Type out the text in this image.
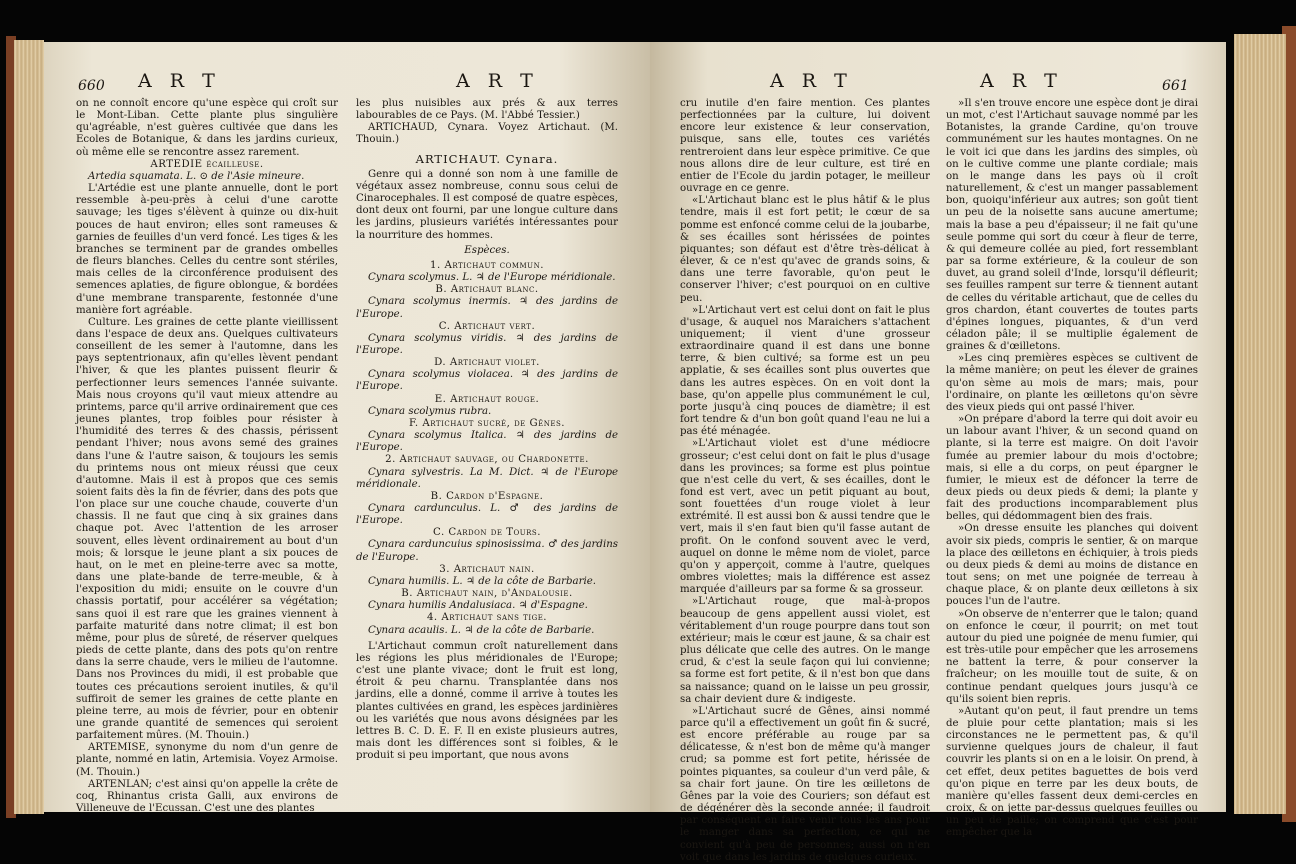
660 A R T	A R T

on ne connoît encore qu'une espèce qui croît sur le Mont-Liban. Cette plante plus singulière qu'agréable, n'est guères cultivée que dans les Ecoles de Botanique, & dans les jardins curieux, où même elle se rencontre assez rarement.

ARTEDIE écailleuse.

Artedia squamata. L. ⊙ de l'Asie mineure.

L'Artédie est une plante annuelle, dont le port ressemble à-peu-près à celui d'une carotte sauvage; les tiges s'élèvent à quinze ou dix-huit pouces de haut environ; elles sont rameuses & garnies de feuilles d'un verd foncé. Les tiges & les branches se terminent par de grandes ombelles de fleurs blanches. Celles du centre sont stériles, mais celles de la circonférence produisent des semences aplaties, de figure oblongue, & bordées d'une membrane transparente, festonnée d'une manière fort agréable.

Culture. Les graines de cette plante vieillissent dans l'espace de deux ans. Quelques cultivateurs conseillent de les semer à l'automne, dans les pays septentrionaux, afin qu'elles lèvent pendant l'hiver, & que les plantes puissent fleurir & perfectionner leurs semences l'année suivante. Mais nous croyons qu'il vaut mieux attendre au printems, parce qu'il arrive ordinairement que ces jeunes plantes, trop foibles pour résister à l'humidité des terres & des chassis, périssent pendant l'hiver; nous avons semé des graines dans l'une & l'autre saison, & toujours les semis du printems nous ont mieux réussi que ceux d'automne. Mais il est à propos que ces semis soient faits dès la fin de février, dans des pots que l'on place sur une couche chaude, couverte d'un chassis. Il ne faut que cinq à six graines dans chaque pot. Avec l'attention de les arroser souvent, elles lèvent ordinairement au bout d'un mois; & lorsque le jeune plant a six pouces de haut, on le met en pleine-terre avec sa motte, dans une plate-bande de terre-meuble, & à l'exposition du midi; ensuite on le couvre d'un chassis portatif, pour accélérer sa végétation; sans quoi il est rare que les graines viennent à parfaite maturité dans notre climat; il est bon même, pour plus de sûreté, de réserver quelques pieds de cette plante, dans des pots qu'on rentre dans la serre chaude, vers le milieu de l'automne. Dans nos Provinces du midi, il est probable que toutes ces précautions seroient inutiles, & qu'il suffiroit de semer les graines de cette plante en pleine terre, au mois de février, pour en obtenir une grande quantité de semences qui seroient parfaitement mûres. (M. Thouin.)

ARTEMISE, synonyme du nom d'un genre de plante, nommé en latin, Artemisia. Voyez Armoise. (M. Thouin.)

ARTENLAN; c'est ainsi qu'on appelle la crête de coq, Rhinantus crista Galli, aux environs de Villeneuve de l'Ecussan. C'est une des plantes

les plus nuisibles aux prés & aux terres labourables de ce Pays. (M. l'Abbé Tessier.)

ARTICHAUD, Cynara. Voyez Artichaut. (M. Thouin.)

ARTICHAUT. Cynara.

Genre qui a donné son nom à une famille de végétaux assez nombreuse, connu sous celui de Cinarocephales. Il est composé de quatre espèces, dont deux ont fourni, par une longue culture dans les jardins, plusieurs variétés intéressantes pour la nourriture des hommes.

Espèces.

1. Artichaut commun.

Cynara scolymus. L. ♃ de l'Europe méridionale.

B. Artichaut blanc.

Cynara scolymus inermis. ♃ des jardins de l'Europe.

C. Artichaut vert.

Cynara scolymus viridis. ♃ des jardins de l'Europe.

D. Artichaut violet.

Cynara scolymus violacea. ♃ des jardins de l'Europe.

E. Artichaut rouge.

Cynara scolymus rubra.

F. Artichaut sucré, de Gênes.

Cynara scolymus Italica. ♃ des jardins de l'Europe.

2. Artichaut sauvage, ou Chardonette.

Cynara sylvestris. La M. Dict. ♃ de l'Europe méridionale.

B. Cardon d'Espagne.

Cynara cardunculus. L. ♂ des jardins de l'Europe.

C. Cardon de Tours.

Cynara carduncuius spinosissima. ♂ des jardins de l'Europe.

3. Artichaut nain.

Cynara humilis. L. ♃ de la côte de Barbarie.

B. Artichaut nain, d'Andalousie.

Cynara humilis Andalusiaca. ♃ d'Espagne.

4. Artichaut sans tige.

Cynara acaulis. L. ♃ de la côte de Barbarie.

L'Artichaut commun croît naturellement dans les régions les plus méridionales de l'Europe; c'est une plante vivace; dont le fruit est long, étroit & peu charnu. Transplantée dans nos jardins, elle a donné, comme il arrive à toutes les plantes cultivées en grand, les espèces jardinières ou les variétés que nous avons désignées par les lettres B. C. D. E. F. Il en existe plusieurs autres, mais dont les différences sont si foibles, & le produit si peu important, que nous avons

A R T	A R T	661

cru inutile d'en faire mention. Ces plantes perfectionnées par la culture, lui doivent encore leur existence & leur conservation, puisque, sans elle, toutes ces variétés rentreroient dans leur espèce primitive. Ce que nous allons dire de leur culture, est tiré en entier de l'Ecole du jardin potager, le meilleur ouvrage en ce genre.

«L'Artichaut blanc est le plus hâtif & le plus tendre, mais il est fort petit; le cœur de sa pomme est enfoncé comme celui de la joubarbe, & ses écailles sont hérissées de pointes piquantes; son défaut est d'être très-délicat à élever, & ce n'est qu'avec de grands soins, & dans une terre favorable, qu'on peut le conserver l'hiver; c'est pourquoi on en cultive peu.

»L'Artichaut vert est celui dont on fait le plus d'usage, & auquel nos Maraichers s'attachent uniquement; il vient d'une grosseur extraordinaire quand il est dans une bonne terre, & bien cultivé; sa forme est un peu applatie, & ses écailles sont plus ouvertes que dans les autres espèces. On en voit dont la base, qu'on appelle plus communément le cul, porte jusqu'à cinq pouces de diamètre; il est fort tendre & d'un bon goût quand l'eau ne lui a pas été ménagée.

»L'Artichaut violet est d'une médiocre grosseur; c'est celui dont on fait le plus d'usage dans les provinces; sa forme est plus pointue que n'est celle du vert, & ses écailles, dont le fond est vert, avec un petit piquant au bout, sont fouettées d'un rouge violet à leur extrémité. Il est aussi bon & aussi tendre que le vert, mais il s'en faut bien qu'il fasse autant de profit. On le confond souvent avec le verd, auquel on donne le même nom de violet, parce qu'on y apperçoit, comme à l'autre, quelques ombres violettes; mais la différence est assez marquée d'ailleurs par sa forme & sa grosseur.

»L'Artichaut rouge, que mal-à-propos beaucoup de gens appellent aussi violet, est véritablement d'un rouge pourpre dans tout son extérieur; mais le cœur est jaune, & sa chair est plus délicate que celle des autres. On le mange crud, & c'est la seule façon qui lui convienne; sa forme est fort petite, & il n'est bon que dans sa naissance; quand on le laisse un peu grossir, sa chair devient dure & indigeste.

»L'Artichaut sucré de Gênes, ainsi nommé parce qu'il a effectivement un goût fin & sucré, est encore préférable au rouge par sa délicatesse, & n'est bon de même qu'à manger crud; sa pomme est fort petite, hérissée de pointes piquantes, sa couleur d'un verd pâle, & sa chair fort jaune. On tire les œilletons de Gênes par la voie des Couriers; son défaut est de dégénérer dès la seconde année; il faudroit par conséquent en faire venir tous les ans pour le manger dans sa perfection, ce qui ne convient qu'à peu de personnes; aussi on n'en voit que dans les jardins de quelques curieux.

»Il s'en trouve encore une espèce dont je dirai un mot, c'est l'Artichaut sauvage nommé par les Botanistes, la grande Cardine, qu'on trouve communément sur les hautes montagnes. On ne le voit ici que dans les jardins des simples, où on le cultive comme une plante cordiale; mais on le mange dans les pays où il croît naturellement, & c'est un manger passablement bon, quoiqu'inférieur aux autres; son goût tient un peu de la noisette sans aucune amertume; mais la base a peu d'épaisseur; il ne fait qu'une seule pomme qui sort du cœur à fleur de terre, & qui demeure collée au pied, fort ressemblant par sa forme extérieure, & la couleur de son duvet, au grand soleil d'Inde, lorsqu'il défleurit; ses feuilles rampent sur terre & tiennent autant de celles du véritable artichaut, que de celles du gros chardon, étant couvertes de toutes parts d'épines longues, piquantes, & d'un verd céladon pâle; il se multiplie également de graines & d'œilletons.

»Les cinq premières espèces se cultivent de la même manière; on peut les élever de graines qu'on sème au mois de mars; mais, pour l'ordinaire, on plante les œilletons qu'on sèvre des vieux pieds qui ont passé l'hiver.

»On prépare d'abord la terre qui doit avoir eu un labour avant l'hiver, & un second quand on plante, si la terre est maigre. On doit l'avoir fumée au premier labour du mois d'octobre; mais, si elle a du corps, on peut épargner le fumier, le mieux est de défoncer la terre de deux pieds ou deux pieds & demi; la plante y fait des productions incomparablement plus belles, qui dédommagent bien des frais.

»On dresse ensuite les planches qui doivent avoir six pieds, compris le sentier, & on marque la place des œilletons en échiquier, à trois pieds ou deux pieds & demi au moins de distance en tout sens; on met une poignée de terreau à chaque place, & on plante deux œilletons à six pouces l'un de l'autre.

»On observe de n'enterrer que le talon; quand on enfonce le cœur, il pourrit; on met tout autour du pied une poignée de menu fumier, qui est très-utile pour empêcher que les arrosemens ne battent la terre, & pour conserver la fraîcheur; on les mouille tout de suite, & on continue pendant quelques jours jusqu'à ce qu'ils soient bien repris.

»Autant qu'on peut, il faut prendre un tems de pluie pour cette plantation; mais si les circonstances ne le permettent pas, & qu'il survienne quelques jours de chaleur, il faut couvrir les plants si on en a le loisir. On prend, à cet effet, deux petites baguettes de bois verd qu'on pique en terre par les deux bouts, de manière qu'elles fassent deux demi-cercles en croix, & on jette par-dessus quelques feuilles ou un peu de paille; on comprend que c'est pour empêcher que la
